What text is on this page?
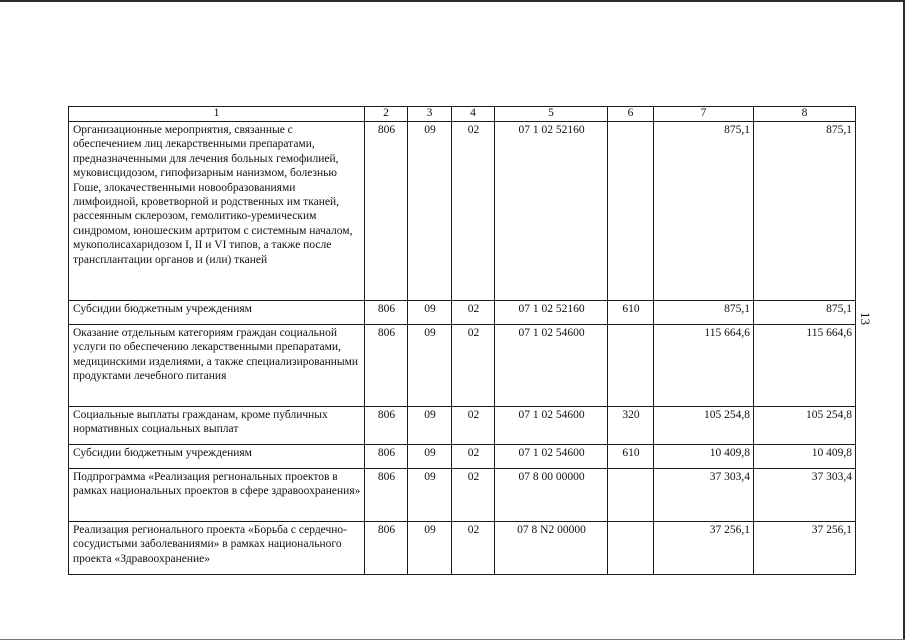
13
1	2	3	4	5	6	7	8
Организационные мероприятия, связанные с обеспечением лиц лекарственными препаратами, предназначенными для лечения больных гемофилией, муковисцидозом, гипофизарным нанизмом, болезнью Гоше, злокачественными новообразованиями лимфоидной, кроветворной и родственных им тканей, рассеянным склерозом, гемолитико-уремическим синдромом, юношеским артритом с системным началом, мукополисахаридозом I, II и VI типов, а также после трансплантации органов и (или) тканей	806	09	02	07 1 02 52160		875,1	875,1
Субсидии бюджетным учреждениям	806	09	02	07 1 02 52160	610	875,1	875,1
Оказание отдельным категориям граждан социальной услуги по обеспечению лекарственными препаратами, медицинскими изделиями, а также специализированными продуктами лечебного питания	806	09	02	07 1 02 54600		115 664,6	115 664,6
Социальные выплаты гражданам, кроме публичных нормативных социальных выплат	806	09	02	07 1 02 54600	320	105 254,8	105 254,8
Субсидии бюджетным учреждениям	806	09	02	07 1 02 54600	610	10 409,8	10 409,8
Подпрограмма «Реализация региональных проектов в рамках национальных проектов в сфере здравоохранения»	806	09	02	07 8 00 00000		37 303,4	37 303,4
Реализация регионального проекта «Борьба с сердечно-сосудистыми заболеваниями» в рамках национального проекта «Здравоохранение»	806	09	02	07 8 N2 00000		37 256,1	37 256,1
